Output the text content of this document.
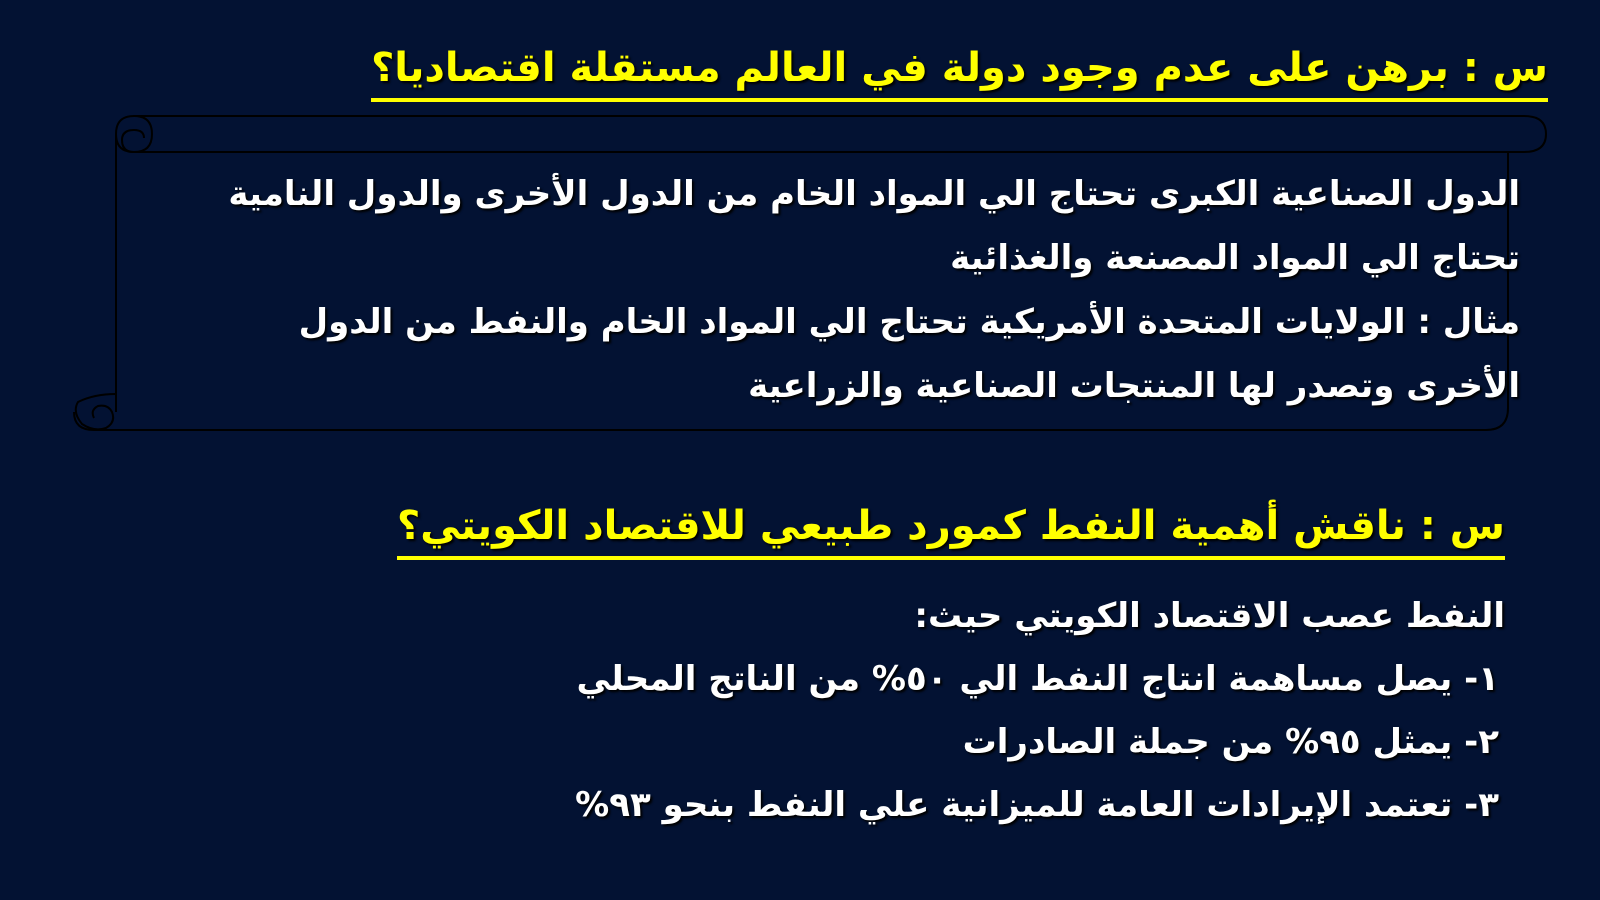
س : برهن على عدم وجود دولة في العالم مستقلة اقتصاديا؟
الدول الصناعية الكبرى تحتاج الي المواد الخام من الدول الأخرى والدول النامية
تحتاج الي المواد المصنعة والغذائية
مثال : الولايات المتحدة الأمريكية تحتاج الي المواد الخام والنفط من الدول
الأخرى وتصدر لها المنتجات الصناعية والزراعية
س : ناقش أهمية النفط كمورد طبيعي للاقتصاد الكويتي؟
النفط عصب الاقتصاد الكويتي حيث:
١- يصل مساهمة انتاج النفط الي ٥٠% من الناتج المحلي
٢- يمثل ٩٥% من جملة الصادرات
٣- تعتمد الإيرادات العامة للميزانية علي النفط بنحو ٩٣%
